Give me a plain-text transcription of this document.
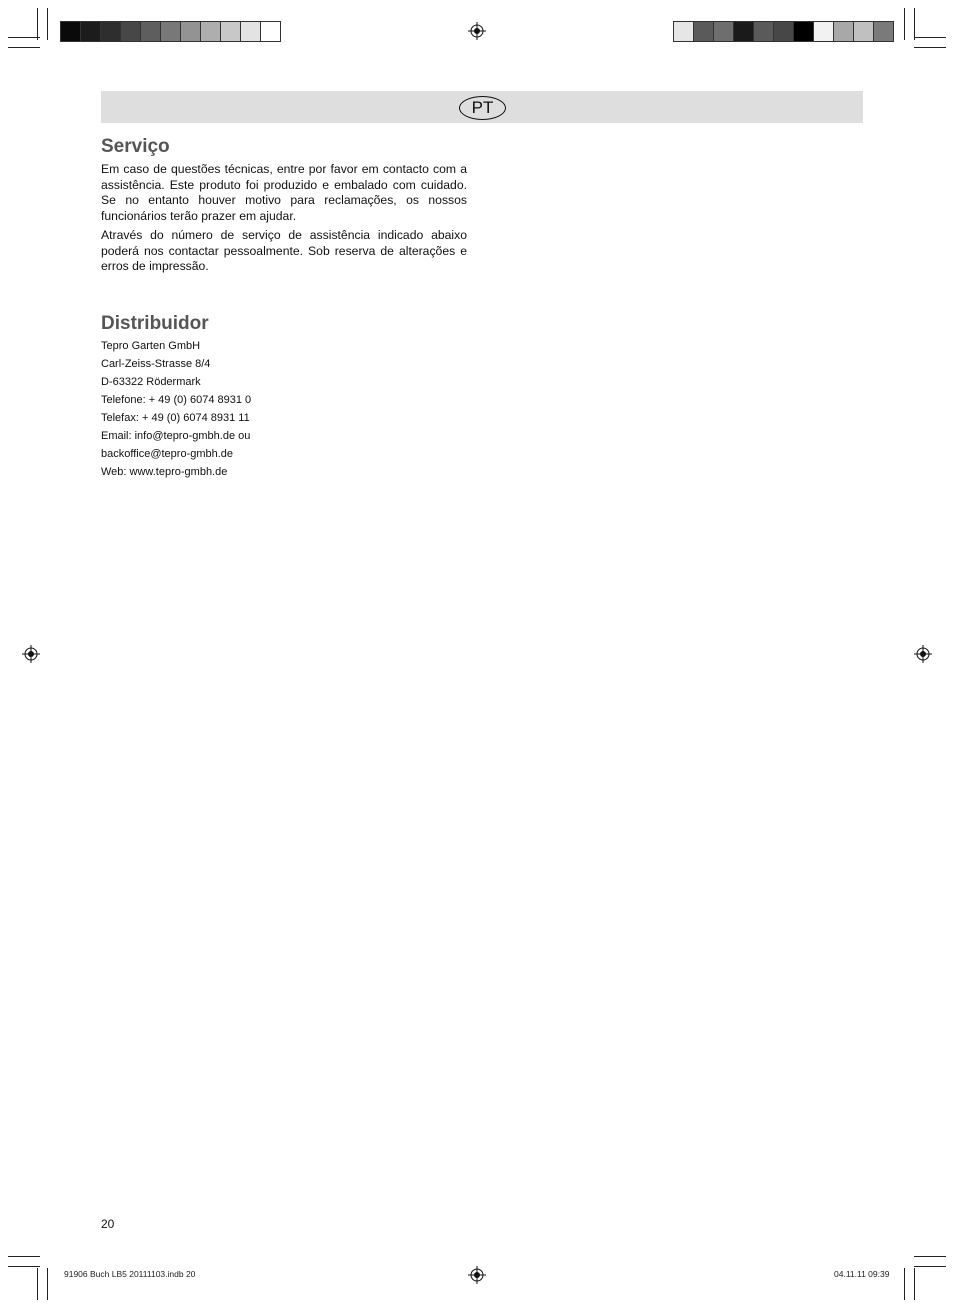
PT
Serviço

Em caso de questões técnicas, entre por favor em contacto com a assistência. Este produto foi produzido e embalado com cuidado. Se no entanto houver motivo para reclamações, os nossos funcionários terão prazer em ajudar.

Através do número de serviço de assistência indicado abaixo poderá nos contactar pessoalmente. Sob reserva de alterações e erros de impressão.

Distribuidor
Tepro Garten GmbH
Carl-Zeiss-Strasse 8/4
D-63322 Rödermark
Telefone: + 49 (0) 6074 8931 0
Telefax: + 49 (0) 6074 8931 11
Email: info@tepro-gmbh.de ou
backoffice@tepro-gmbh.de
Web: www.tepro-gmbh.de
20
91906 Buch LB5 20111103.indb 20	04.11.11 09:39
